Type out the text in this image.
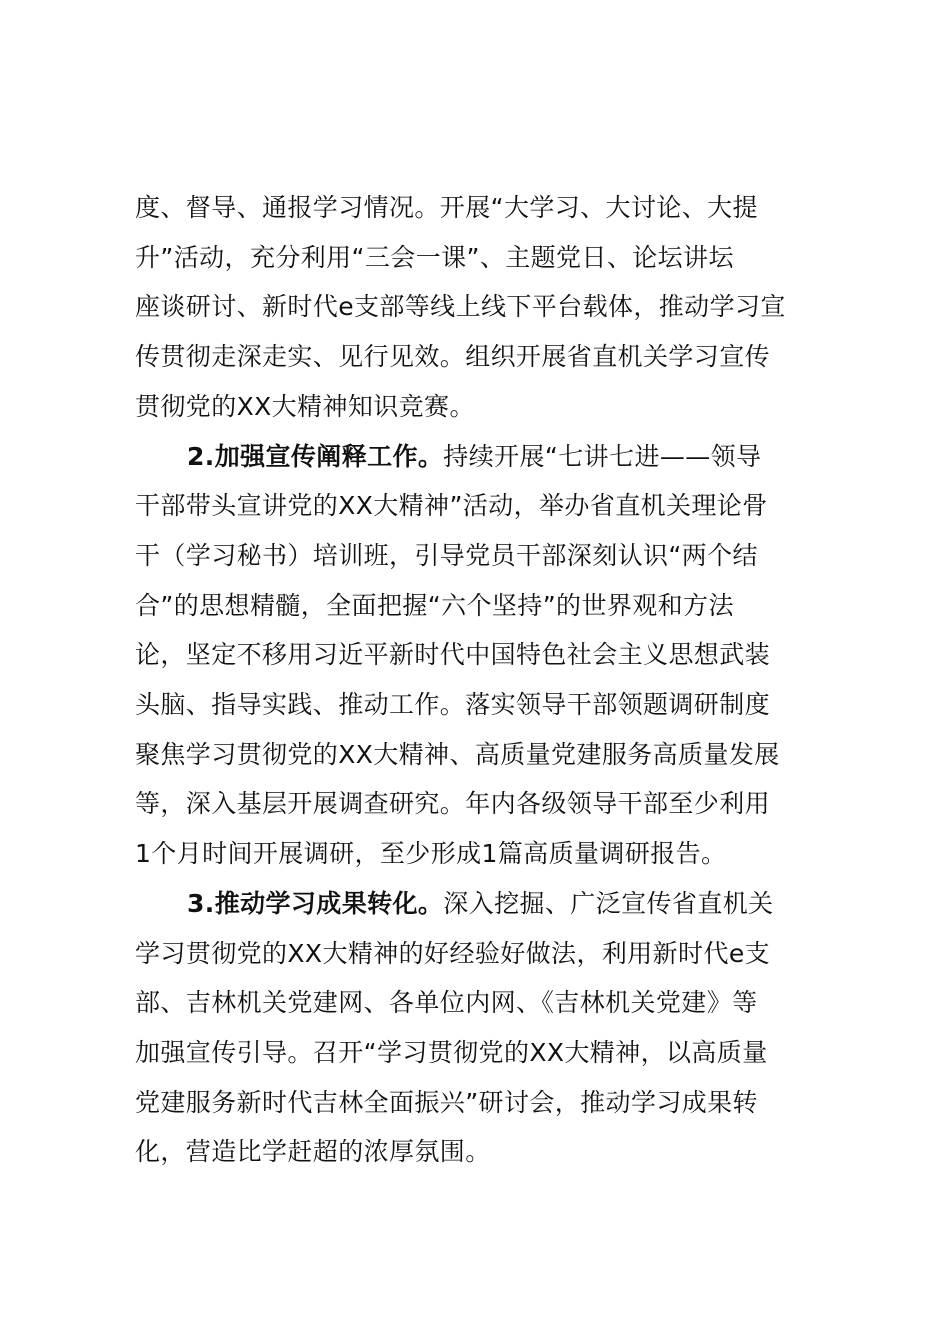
度、督导、通报学习情况。开展“大学习、大讨论、大提
升”活动，充分利用“三会一课”、主题党日、论坛讲坛
座谈研讨、新时代e支部等线上线下平台载体，推动学习宣
传贯彻走深走实、见行见效。组织开展省直机关学习宣传
贯彻党的XX大精神知识竞赛。

2.加强宣传阐释工作。持续开展“七讲七进——领导
干部带头宣讲党的XX大精神”活动，举办省直机关理论骨
干（学习秘书）培训班，引导党员干部深刻认识“两个结
合”的思想精髓，全面把握“六个坚持”的世界观和方法
论，坚定不移用习近平新时代中国特色社会主义思想武装
头脑、指导实践、推动工作。落实领导干部领题调研制度
聚焦学习贯彻党的XX大精神、高质量党建服务高质量发展
等，深入基层开展调查研究。年内各级领导干部至少利用
1个月时间开展调研，至少形成1篇高质量调研报告。

3.推动学习成果转化。深入挖掘、广泛宣传省直机关
学习贯彻党的XX大精神的好经验好做法，利用新时代e支
部、吉林机关党建网、各单位内网、《吉林机关党建》等
加强宣传引导。召开“学习贯彻党的XX大精神，以高质量
党建服务新时代吉林全面振兴”研讨会，推动学习成果转
化，营造比学赶超的浓厚氛围。
